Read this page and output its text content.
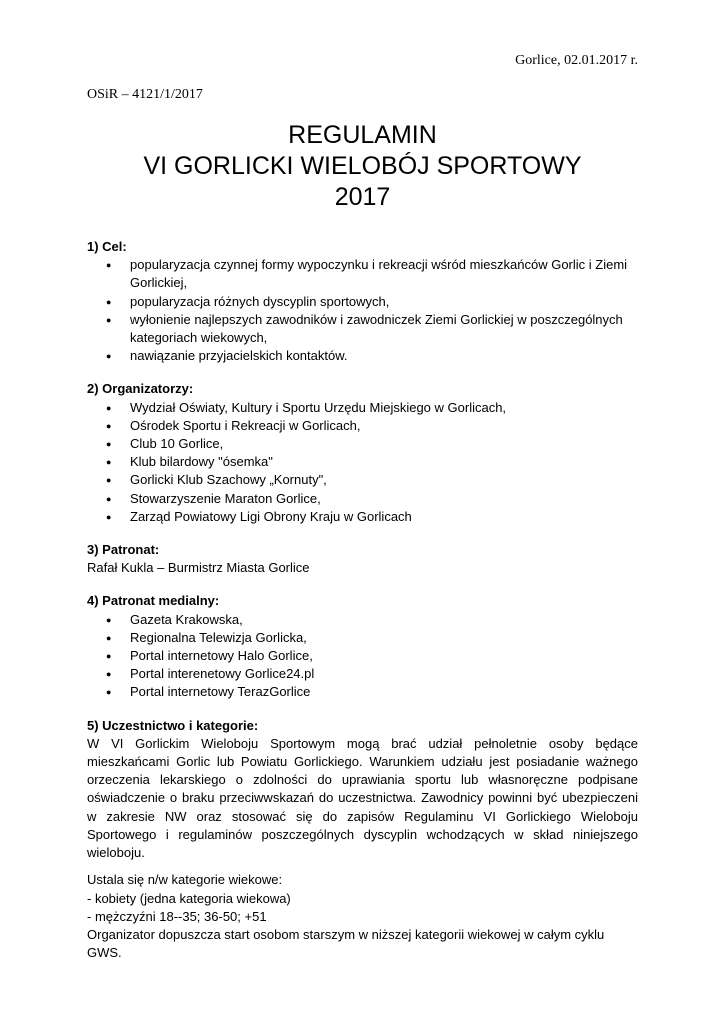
Gorlice, 02.01.2017 r.
OSiR – 4121/1/2017
REGULAMIN
VI GORLICKI WIELOBÓJ SPORTOWY
2017

1) Cel:

● popularyzacja czynnej formy wypoczynku i rekreacji wśród mieszkańców Gorlic i Ziemi Gorlickiej,
● popularyzacja różnych dyscyplin sportowych,
● wyłonienie najlepszych zawodników i zawodniczek Ziemi Gorlickiej w poszczególnych kategoriach wiekowych,
● nawiązanie przyjacielskich kontaktów.

2) Organizatorzy:

● Wydział Oświaty, Kultury i Sportu Urzędu Miejskiego w Gorlicach,
● Ośrodek Sportu i Rekreacji w Gorlicach,
● Club 10 Gorlice,
● Klub bilardowy "ósemka"
● Gorlicki Klub Szachowy „Kornuty",
● Stowarzyszenie Maraton Gorlice,
● Zarząd Powiatowy Ligi Obrony Kraju w Gorlicach

3) Patronat:

Rafał Kukla – Burmistrz Miasta Gorlice

4) Patronat medialny:

● Gazeta Krakowska,
● Regionalna Telewizja Gorlicka,
● Portal internetowy Halo Gorlice,
● Portal interenetowy Gorlice24.pl
● Portal internetowy TerazGorlice

5) Uczestnictwo i kategorie:

W VI Gorlickim Wieloboju Sportowym mogą brać udział pełnoletnie osoby będące mieszkańcami Gorlic lub Powiatu Gorlickiego. Warunkiem udziału jest posiadanie ważnego orzeczenia lekarskiego o zdolności do uprawiania sportu lub własnoręczne podpisane oświadczenie o braku przeciwwskazań do uczestnictwa. Zawodnicy powinni być ubezpieczeni w zakresie NW oraz stosować się do zapisów Regulaminu VI Gorlickiego Wieloboju Sportowego i regulaminów poszczególnych dyscyplin wchodzących w skład niniejszego wieloboju.

Ustala się n/w kategorie wiekowe:

- kobiety (jedna kategoria wiekowa)

- mężczyźni 18--35; 36-50; +51

Organizator dopuszcza start osobom starszym w niższej kategorii wiekowej w całym cyklu GWS.
